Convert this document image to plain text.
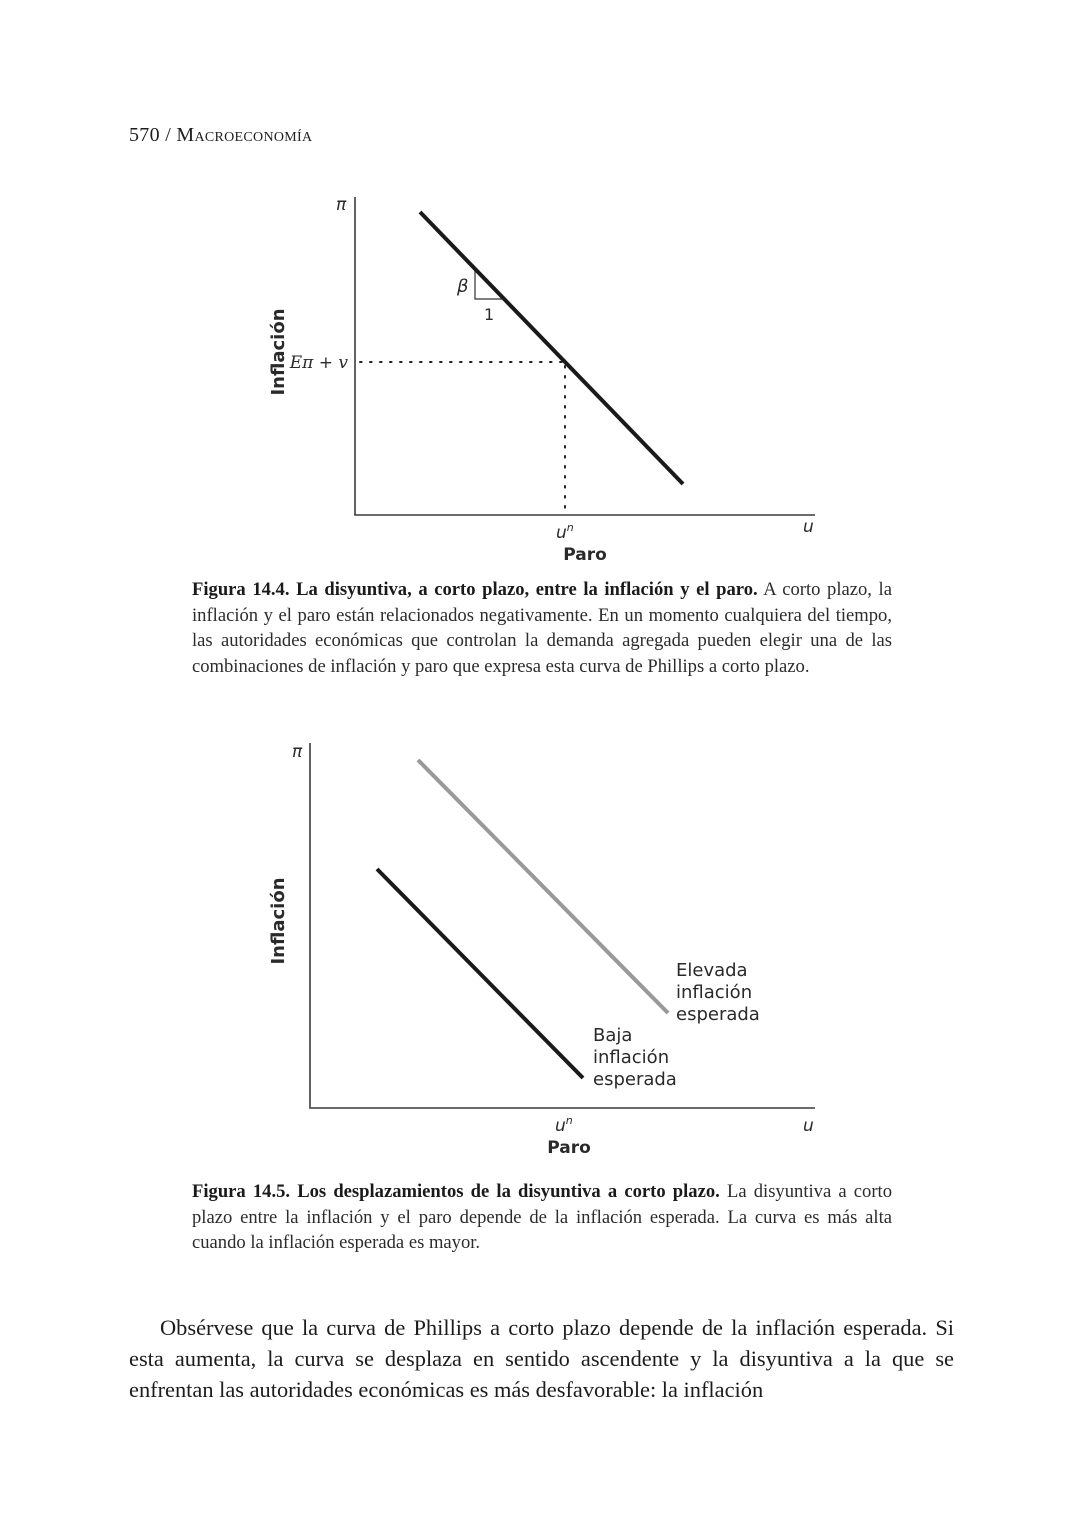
570 / Macroeconomía
π
β
1
Eπ + v
Inflación
$u^n$	u
Paro
Figura 14.4. La disyuntiva, a corto plazo, entre la inflación y el paro. A corto plazo, la inflación y el paro están relacionados negativamente. En un momento cualquiera del tiempo, las autoridades económicas que controlan la demanda agregada pueden elegir una de las combinaciones de inflación y paro que expresa esta curva de Phillips a corto plazo.
π
Inflación
Elevada inflación esperada
Baja inflación esperada
$u^n$	u
Paro
Figura 14.5. Los desplazamientos de la disyuntiva a corto plazo. La disyuntiva a corto plazo entre la inflación y el paro depende de la inflación esperada. La curva es más alta cuando la inflación esperada es mayor.

Obsérvese que la curva de Phillips a corto plazo depende de la inflación esperada. Si esta aumenta, la curva se desplaza en sentido ascendente y la disyuntiva a la que se enfrentan las autoridades económicas es más desfavorable: la inflación
